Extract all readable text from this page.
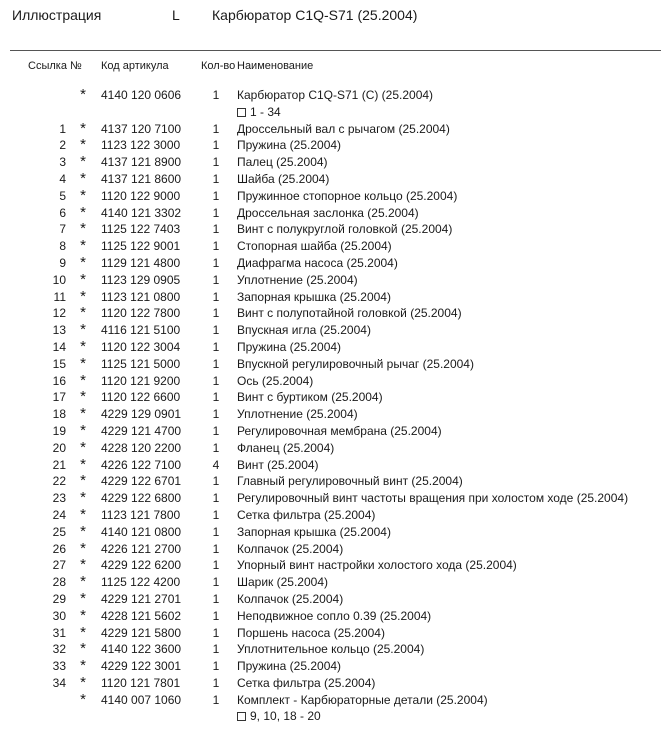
Иллюстрация	L Карбюратор C1Q-S71 (25.2004)
Ссылка № Код артикула	Кол-во Наименование
*	4140 120 0606	1 Карбюратор C1Q-S71 (C) (25.2004)
1 - 34
1 *	4137 120 7100	1 Дроссельный вал с рычагом (25.2004)
2 *	1123 122 3000	1 Пружина (25.2004)
3 *	4137 121 8900	1 Палец (25.2004)
4 *	4137 121 8600	1 Шайба (25.2004)
5 *	1120 122 9000	1 Пружинное стопорное кольцо (25.2004)
6 *	4140 121 3302	1 Дроссельная заслонка (25.2004)
7 *	1125 122 7403	1 Винт с полукруглой головкой (25.2004)
8 *	1125 122 9001	1 Стопорная шайба (25.2004)
9 *	1129 121 4800	1 Диафрагма насоса (25.2004)
10 *	1123 129 0905	1 Уплотнение (25.2004)
11 *	1123 121 0800	1 Запорная крышка (25.2004)
12 *	1120 122 7800	1 Винт с полупотайной головкой (25.2004)
13 *	4116 121 5100	1 Впускная игла (25.2004)
14 *	1120 122 3004	1 Пружина (25.2004)
15 *	1125 121 5000	1 Впускной регулировочный рычаг (25.2004)
16 *	1120 121 9200	1 Ось (25.2004)
17 *	1120 122 6600	1 Винт с буртиком (25.2004)
18 *	4229 129 0901	1 Уплотнение (25.2004)
19 *	4229 121 4700	1 Регулировочная мембрана (25.2004)
20 *	4228 120 2200	1 Фланец (25.2004)
21 *	4226 122 7100	4 Винт (25.2004)
22 *	4229 122 6701	1 Главный регулировочный винт (25.2004)
23 *	4229 122 6800	1 Регулировочный винт частоты вращения при холостом ходе (25.2004)
24 *	1123 121 7800	1 Сетка фильтра (25.2004)
25 *	4140 121 0800	1 Запорная крышка (25.2004)
26 *	4226 121 2700	1 Колпачок (25.2004)
27 *	4229 122 6200	1 Упорный винт настройки холостого хода (25.2004)
28 *	1125 122 4200	1 Шарик (25.2004)
29 *	4229 121 2701	1 Колпачок (25.2004)
30 *	4228 121 5602	1 Неподвижное сопло 0.39 (25.2004)
31 *	4229 121 5800	1 Поршень насоса (25.2004)
32 *	4140 122 3600	1 Уплотнительное кольцо (25.2004)
33 *	4229 122 3001	1 Пружина (25.2004)
34 *	1120 121 7801	1 Сетка фильтра (25.2004)
*	4140 007 1060	1 Комплект - Карбюраторные детали (25.2004)
9, 10, 18 - 20
